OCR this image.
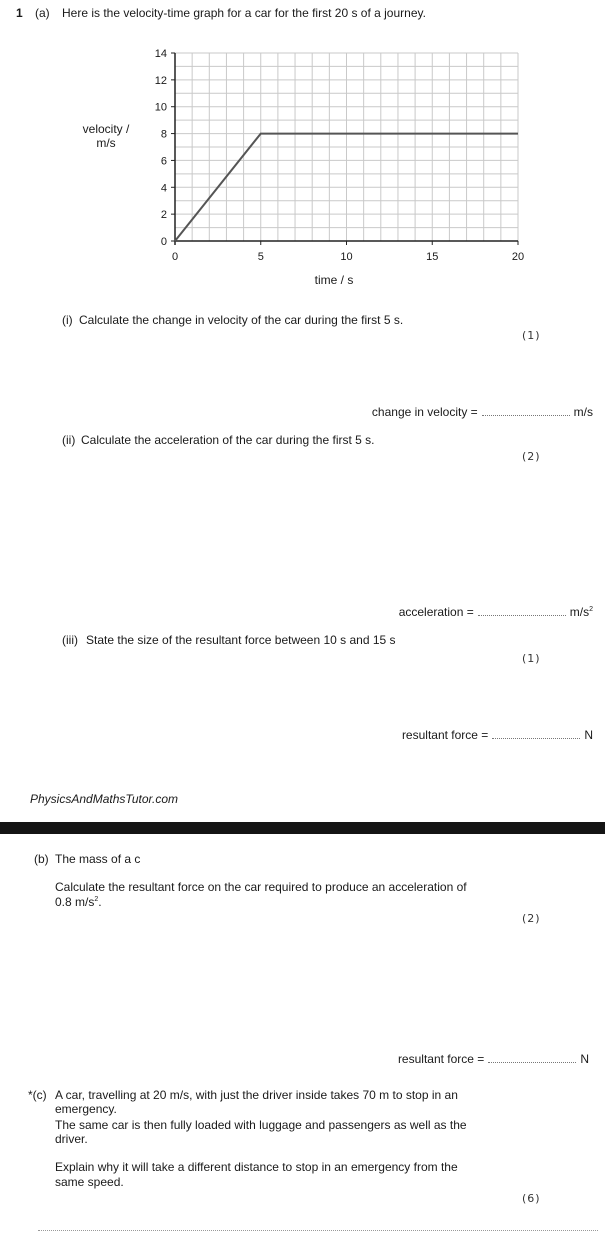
1 (a) Here is the velocity-time graph for a car for the first 20 s of a journey.
0
2
4
6
8
10
12
14
0	5	10	15	20
velocity /
m/s
time / s
(i) Calculate the change in velocity of the car during the first 5 s.
(1)
change in velocity =	m/s
(ii) Calculate the acceleration of the car during the first 5 s.
(2)
acceleration =	$m/s^2$
(iii) State the size of the resultant force between 10 s and 15 s
(1)
resultant force =	N
PhysicsAndMathsTutor.com
(b) The mass of a c
Calculate the resultant force on the car required to produce an acceleration of
0.8 $m/s^2$.
(2)
resultant force =	N
*(c) A car, travelling at 20 m/s, with just the driver inside takes 70 m to stop in an
emergency.
The same car is then fully loaded with luggage and passengers as well as the
driver.
Explain why it will take a different distance to stop in an emergency from the
same speed.
(6)
